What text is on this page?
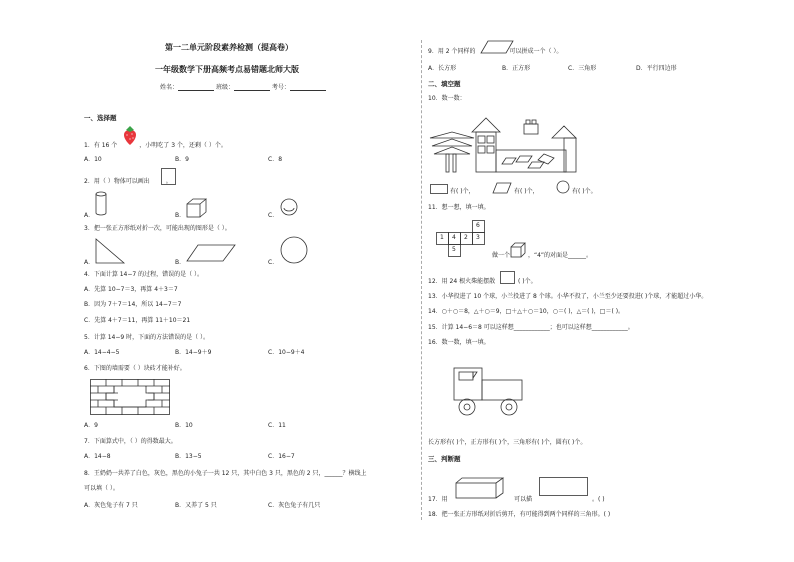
第一二单元阶段素养检测（提高卷）
一年级数学下册高频考点易错题北师大版
姓名：	班级：	考号：
一、选择题
1．有 16 个	，小明吃了 3 个，还剩（ ）个。
A．10	B．9	C．8
2．用（ ）物体可以画出	。
A．	B．	C．
3．把一张正方形纸对折一次，可能出现的图形是（ ）。
A．	B．	C．
4．下面计算 14−7 的过程，错误的是（ ）。
A．先算 10−7＝3，再算 4＋3＝7
B．因为 7＋7＝14，所以 14−7＝7
C．先算 4＋7＝11，再算 11＋10＝21
5．计算 14−9 时，下面的方法错误的是（ ）。
A．14−4−5	B．14−9＋9	C．10−9＋4
6．下图的墙需要（ ）块砖才能补好。
A．9	B．10	C．11
7．下面算式中，（ ）的得数最大。
A．14−8	B．13−5	C．16−7
8．王奶奶一共养了白色，灰色，黑色的小兔子一共 12 只，其中白色 3 只，黑色的 2 只，______？横线上
可以填（ ）。
A．灰色兔子有 7 只	B．又养了 5 只	C．灰色兔子有几只
9．用 2 个同样的	可以拼成一个（ ）。
A．长方形	B．正方形	C．三角形	D．平行四边形
二、填空题
10．数一数：
有( )个，	有( )个，	有( )个。
11．想一想，填一填。
1 4 2 3
6
5
做一个	，“4”的对面是______。
12．用 24 根火柴能摆散	( )个。
13．小华投进了 10 个球，小兰投进了 8 个球。小华不投了，小兰至少还要投进( )个球，才能超过小华。
14．○＋○＝8，△＋○＝9，□＋△＋○＝10，○＝( )，△＝( )，□＝( )。
15．计算 14−6＝8 可以这样想____________；也可以这样想____________。
16．数一数，填一填。
长方形有( )个，正方形有( )个，三角形有( )个，圆有( )个。
三、判断题
17．用	可以描	。( )
18．把一张正方形纸对折后剪开，有可能得到两个同样的三角形。( )
